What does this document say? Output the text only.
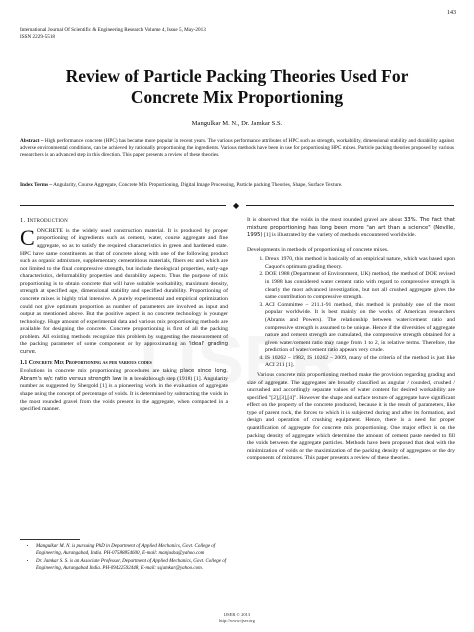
143
International Journal Of Scientific & Engineering Research Volume 4, Issue 5, May-2013
ISSN 2229-5518
Review of Particle Packing Theories Used For
Concrete Mix Proportioning
Mangulkar M. N., Dr. Jamkar S.S.
Abstract – High performance concrete (HPC) has became more popular in recent years. The various performance attributes of HPC such as strength, workability, dimensional stability and durability against adverse environmental conditions, can be achieved by rationally proportioning the ingredients. Various methods have been in use for proportioning HPC mixes. Particle packing theories proposed by various researchers is an advanced step in this direction. This paper presents a review of these theories.
Index Terms – Angularity, Course Aggregate, Concrete Mix Proportioning, Digital Image Processing, Particle packing Theories, Shape, Surface Texture.
◆
1. Introduction

CONCRETE is the widely used construction material. It is produced by proper proportioning of ingredients such as cement, water, course aggregate and fine aggregate, so as to satisfy the required characteristics in green and hardened state. HPC have same constituents as that of concrete along with one of the following product such as organic admixture, supplementary cementitious materials, fibers etc and which are not limited to the final compressive strength, but include theological properties, early-age characteristics, deformability properties and durability aspects. Thus the purpose of mix proportioning is to obtain concrete that will have suitable workability, maximum density, strength at specified age, dimensional stability and specified durability. Proportioning of concrete mixes is highly trial intensive. A purely experimental and empirical optimization could not give optimum proportion as number of parameters are involved as input and output as mentioned above. But the positive aspect is no concrete technology is younger technology. Huge amount of experimental data and various mix proportioning methods are available for designing the concrete. Concrete proportioning is first of all the packing problem. All existing methods recognize this problem by suggesting the measurement of the packing parameter of some component or by approximating an 'ideal' grading curve.

1.1 Concrete Mix Proportioning as per various codes

Evolutions in concrete mix proportioning procedures are taking place since long. Abram's w/c ratio versus strength law is a breakthrough step (1918) [1]. Angularity number as suggested by Shergold [1] is a pioneering work in the evaluation of aggregate shape using the concept of percentage of voids. It is determined by subtracting the voids in the most rounded gravel from the voids present in the aggregate, when compacted in a specified manner.

• Mangulkar M. N. is pursuing PhD in Department of Applied Mechanics, Govt. College of Engineering, Aurangabad, India. PH-07588854600, E-mail: manjusha@yahoo.com
• Dr. Jamkar S. S. is an Associate Professor, Department of Applied Mechanics, Govt. College of Engineering, Aurangabad India. PH-09422592448, E-mail: ssjamkar@yahoo.com.

It is observed that the voids in the most rounded gravel are about 33%. The fact that mixture proportioning has long been more "an art than a science" (Neville, 1995) [1] is illustrated by the variety of methods encountered worldwide.

Developments in methods of proportioning of concrete mixes.

1. Dreux 1970, this method is basically of an empirical nature, which was based upon Caquot's optimum grading theory.
2. DOE 1988 (Department of Environment, UK) method, the method of DOE revised in 1988 has considered water cement ratio with regard to compressive strength is clearly the most advanced investigation, but not all crushed aggregate gives the same contribution to compressive strength.
3. ACI Committee – 211.1-91 method, this method is probably one of the most popular worldwide. It is best mainly on the works of American researchers (Abrams and Powers). The relationship between water/cement ratio and compressive strength is assumed to be unique. Hence if the diversities of aggregate nature and cement strength are cumulated, the compressive strength obtained for a given water/cement ratio may range from 1 to 2, in relative terms. Therefore, the prediction of water/cement ratio appears very crude.
4. IS 10262 – 1982, IS 10262 – 2009, many of the criteria of the method is just like ACI 211 [1].

Various concrete mix proportioning method make the provision regarding grading and size of aggregate. The aggregates are broadly classified as angular / rounded, crushed / uncrushed and accordingly separate values of water content for desired workability are specified "[2],[3],[4]". However the shape and surface texture of aggregate have significant effect on the property of the concrete produced, because it is the result of parameters, like type of parent rock, the forces to which it is subjected during and after its formation, and design and operation of crushing equipment. Hence, there is a need for proper quantification of aggregate for concrete mix proportioning. One major effect is on the packing density of aggregate which determine the amount of cement paste needed to fill the voids between the aggregate particles. Methods have been proposed that deal with the minimization of voids or the maximization of the packing density of aggregates or the dry components of mixtures. This paper presents a review of these theories.

IJSER © 2013
http://www.ijser.org
